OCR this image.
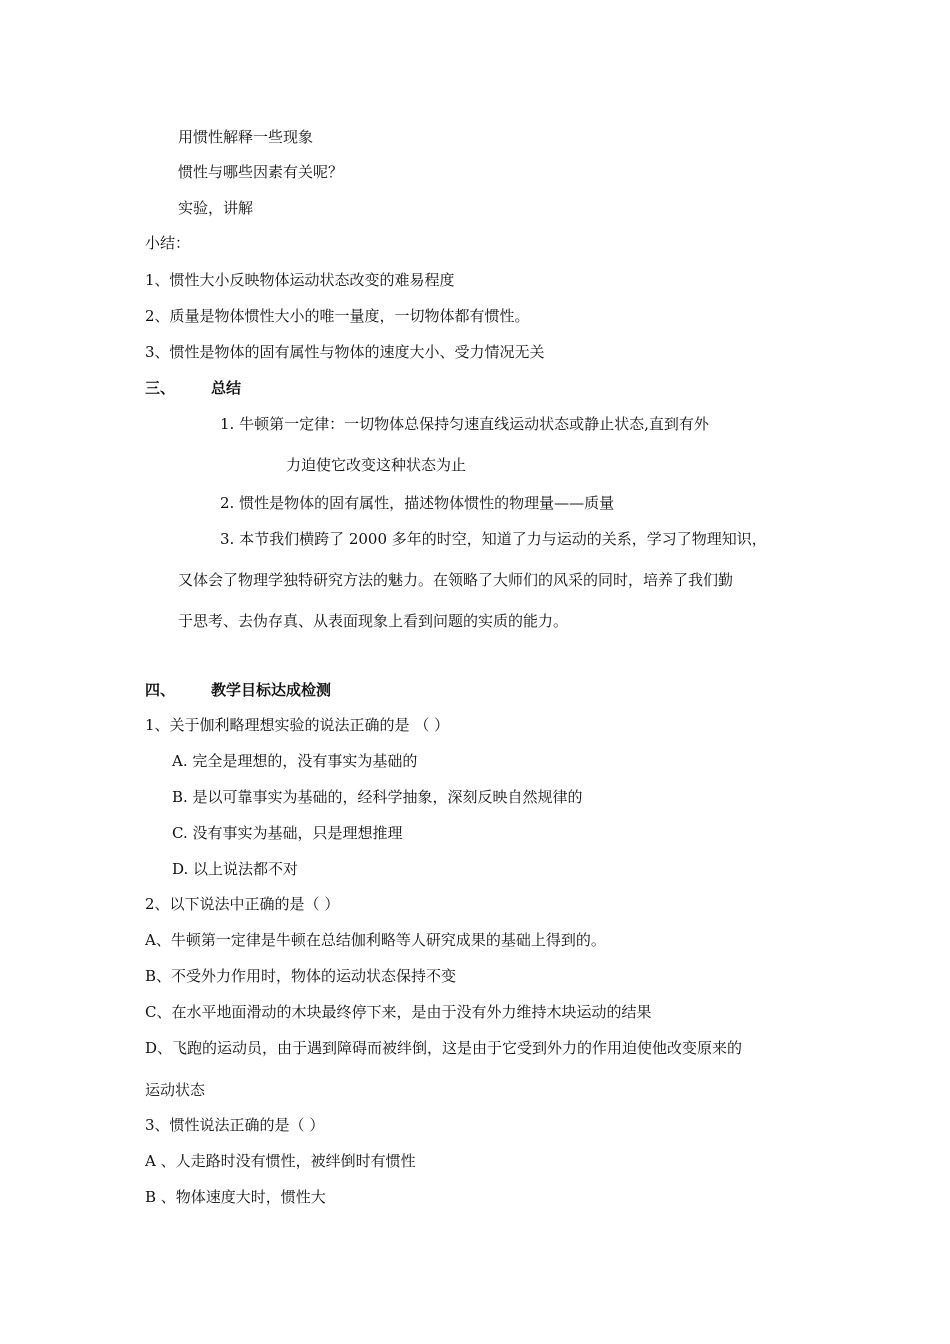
用惯性解释一些现象
惯性与哪些因素有关呢？
实验，讲解
小结：
1、惯性大小反映物体运动状态改变的难易程度
2、质量是物体惯性大小的唯一量度，一切物体都有惯性。
3、惯性是物体的固有属性与物体的速度大小、受力情况无关
三、 总结
1. 牛顿第一定律：一切物体总保持匀速直线运动状态或静止状态,直到有外
力迫使它改变这种状态为止
2. 惯性是物体的固有属性，描述物体惯性的物理量——质量
3. 本节我们横跨了 2000 多年的时空，知道了力与运动的关系，学习了物理知识，
又体会了物理学独特研究方法的魅力。在领略了大师们的风采的同时，培养了我们勤
于思考、去伪存真、从表面现象上看到问题的实质的能力。
四、 教学目标达成检测
1、关于伽利略理想实验的说法正确的是 （ ）
A. 完全是理想的，没有事实为基础的
B. 是以可靠事实为基础的，经科学抽象，深刻反映自然规律的
C. 没有事实为基础，只是理想推理
D. 以上说法都不对
2、以下说法中正确的是（ ）
A、牛顿第一定律是牛顿在总结伽利略等人研究成果的基础上得到的。
B、不受外力作用时，物体的运动状态保持不变
C、在水平地面滑动的木块最终停下来，是由于没有外力维持木块运动的结果
D、飞跑的运动员，由于遇到障碍而被绊倒，这是由于它受到外力的作用迫使他改变原来的
运动状态
3、惯性说法正确的是（ ）
A 、人走路时没有惯性，被绊倒时有惯性
B 、物体速度大时，惯性大
